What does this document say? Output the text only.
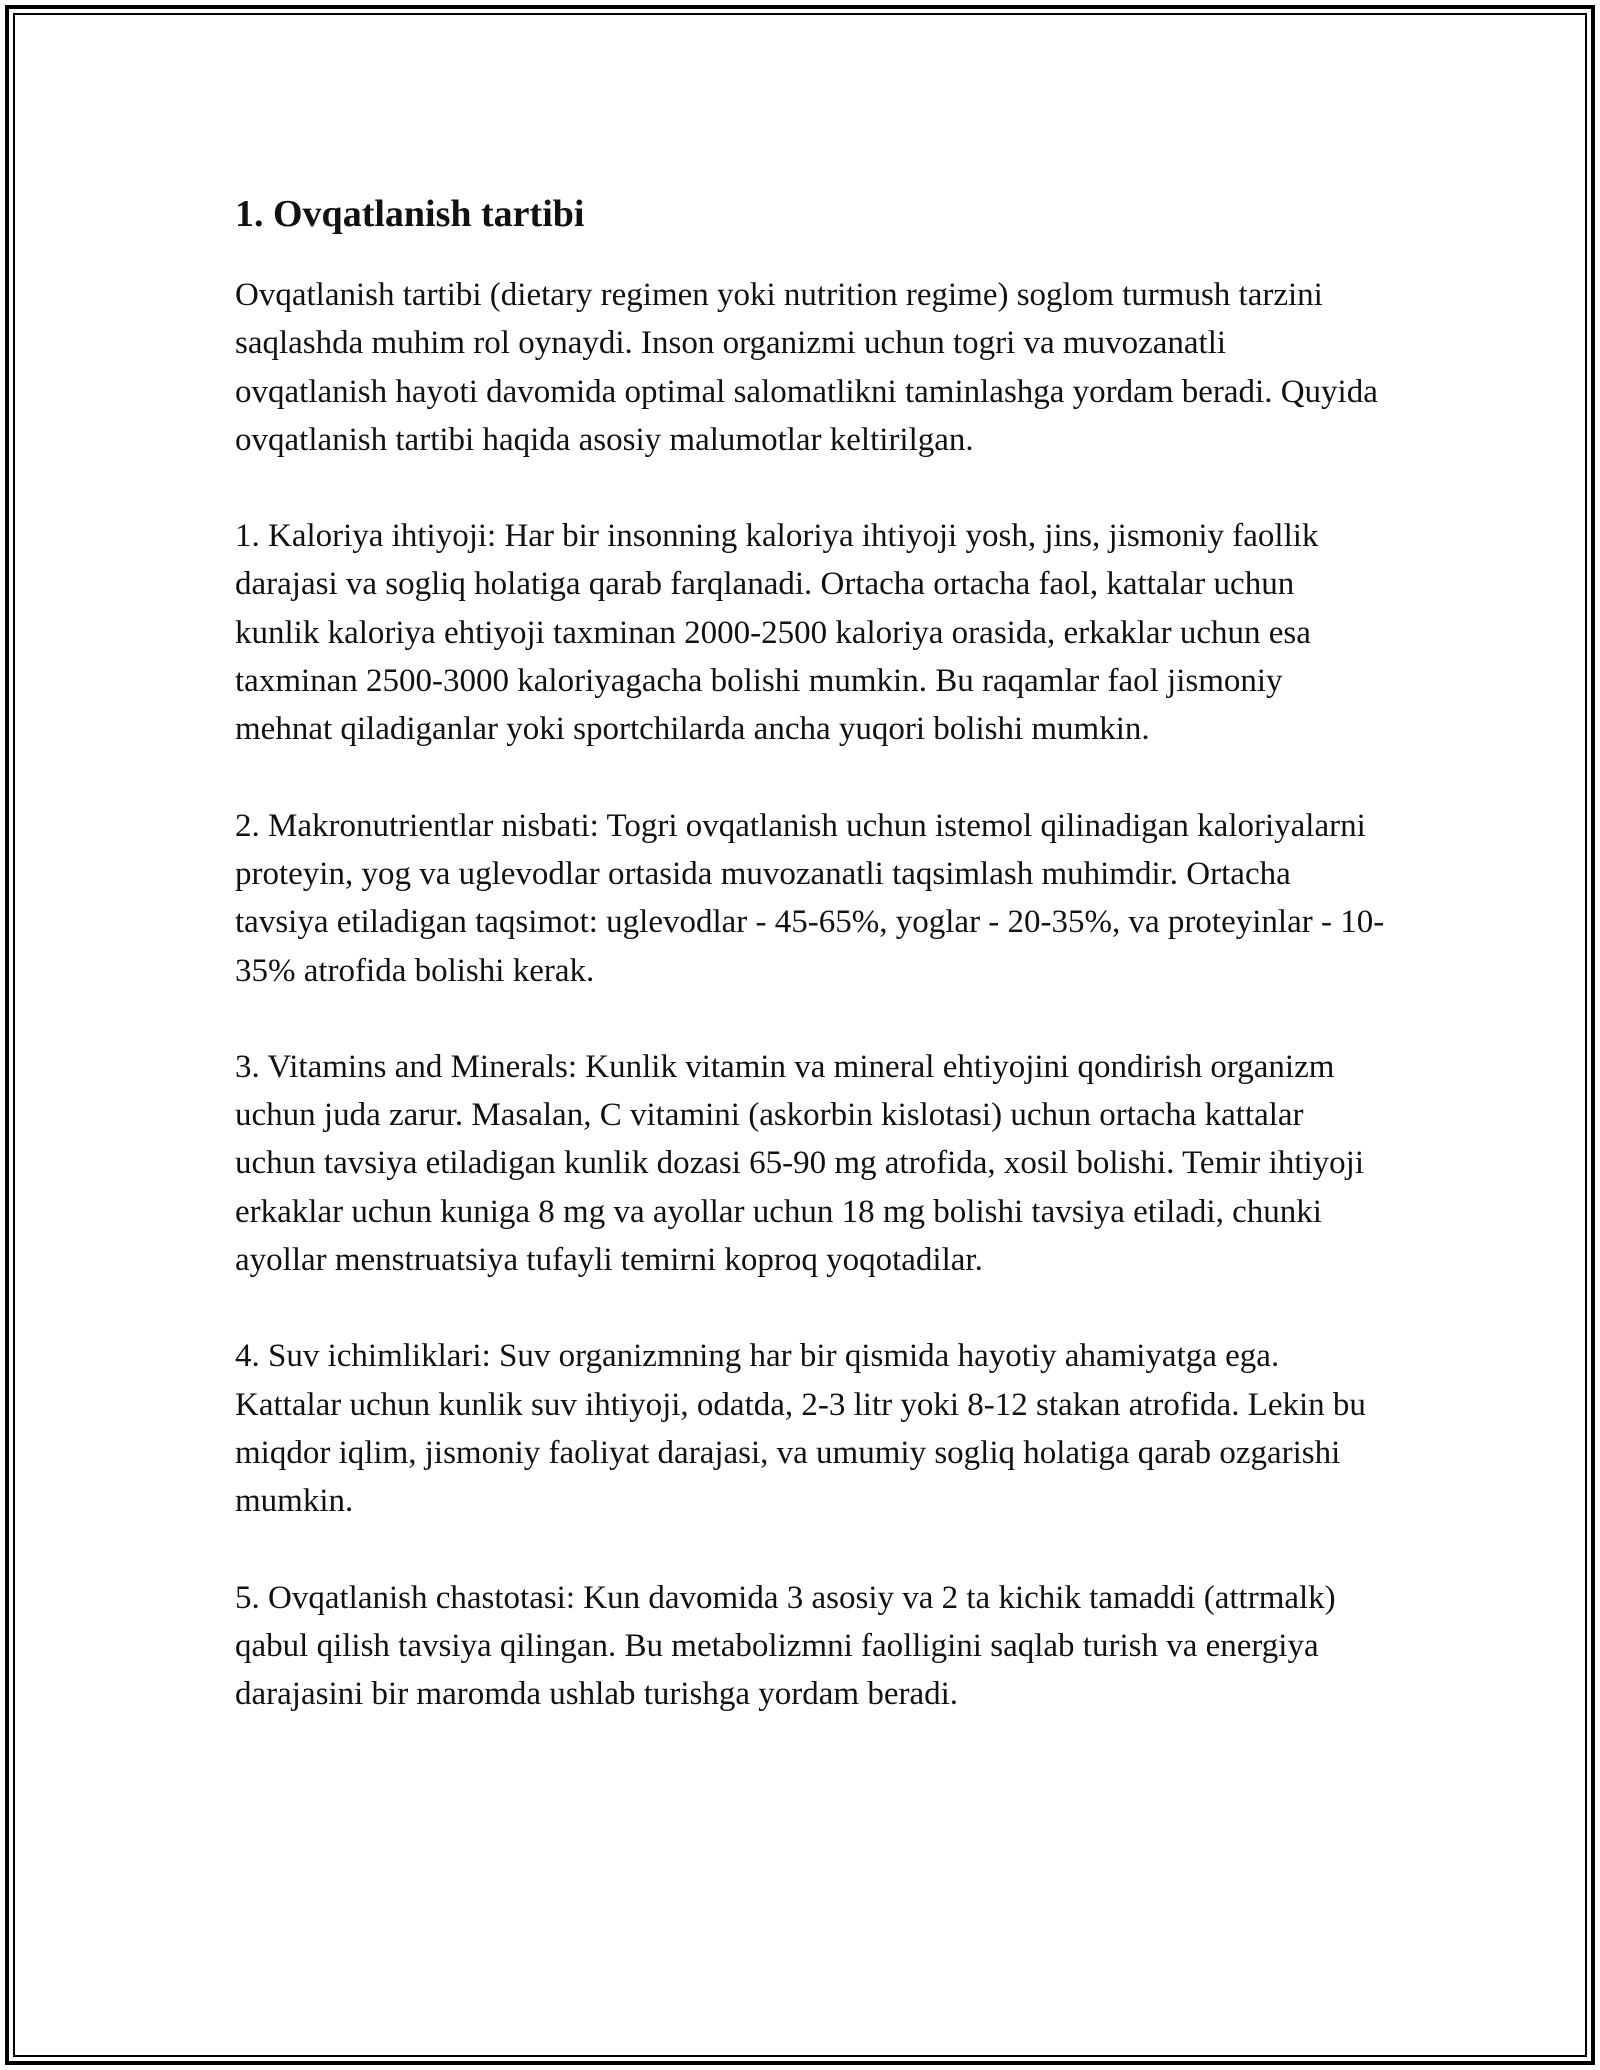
1. Ovqatlanish tartibi

Ovqatlanish tartibi (dietary regimen yoki nutrition regime) soglom turmush tarzini saqlashda muhim rol oynaydi. Inson organizmi uchun togri va muvozanatli ovqatlanish hayoti davomida optimal salomatlikni taminlashga yordam beradi. Quyida ovqatlanish tartibi haqida asosiy malumotlar keltirilgan.

1. Kaloriya ihtiyoji: Har bir insonning kaloriya ihtiyoji yosh, jins, jismoniy faollik darajasi va sogliq holatiga qarab farqlanadi. Ortacha ortacha faol, kattalar uchun kunlik kaloriya ehtiyoji taxminan 2000-2500 kaloriya orasida, erkaklar uchun esa taxminan 2500-3000 kaloriyagacha bolishi mumkin. Bu raqamlar faol jismoniy mehnat qiladiganlar yoki sportchilarda ancha yuqori bolishi mumkin.

2. Makronutrientlar nisbati: Togri ovqatlanish uchun istemol qilinadigan kaloriyalarni proteyin, yog va uglevodlar ortasida muvozanatli taqsimlash muhimdir. Ortacha tavsiya etiladigan taqsimot: uglevodlar - 45-65%, yoglar - 20-35%, va proteyinlar - 10-35% atrofida bolishi kerak.

3. Vitamins and Minerals: Kunlik vitamin va mineral ehtiyojini qondirish organizm uchun juda zarur. Masalan, C vitamini (askorbin kislotasi) uchun ortacha kattalar uchun tavsiya etiladigan kunlik dozasi 65-90 mg atrofida, xosil bolishi. Temir ihtiyoji erkaklar uchun kuniga 8 mg va ayollar uchun 18 mg bolishi tavsiya etiladi, chunki ayollar menstruatsiya tufayli temirni koproq yoqotadilar.

4. Suv ichimliklari: Suv organizmning har bir qismida hayotiy ahamiyatga ega. Kattalar uchun kunlik suv ihtiyoji, odatda, 2-3 litr yoki 8-12 stakan atrofida. Lekin bu miqdor iqlim, jismoniy faoliyat darajasi, va umumiy sogliq holatiga qarab ozgarishi mumkin.

5. Ovqatlanish chastotasi: Kun davomida 3 asosiy va 2 ta kichik tamaddi (attrmalk) qabul qilish tavsiya qilingan. Bu metabolizmni faolligini saqlab turish va energiya darajasini bir maromda ushlab turishga yordam beradi.
